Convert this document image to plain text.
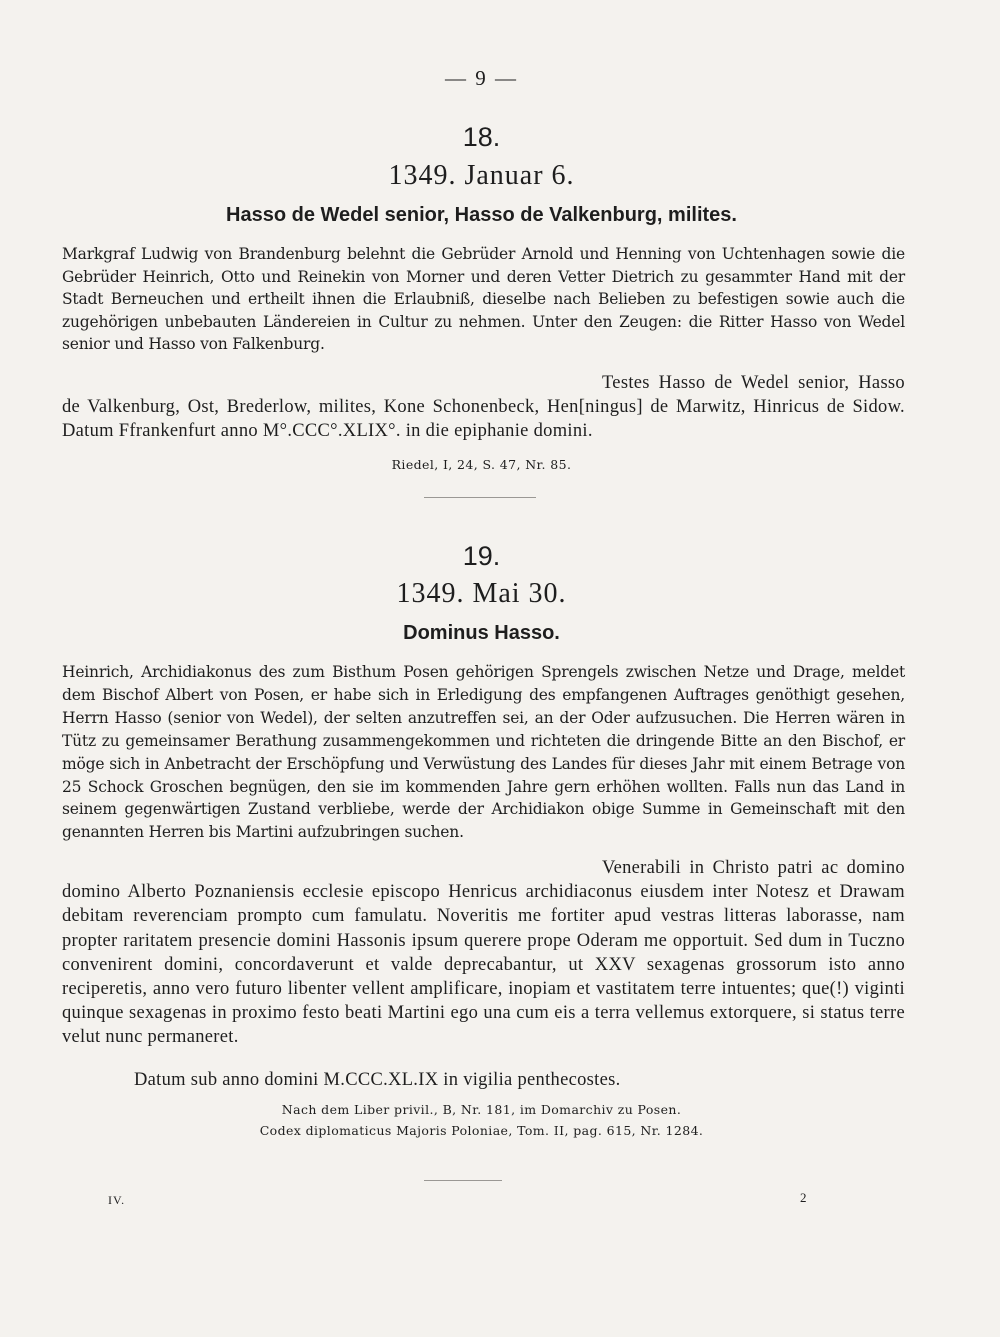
— 9 —
18.
1349. Januar 6.
Hasso de Wedel senior, Hasso de Valkenburg, milites.
Markgraf Ludwig von Brandenburg belehnt die Gebrüder Arnold und Henning von Uchtenhagen sowie die Gebrüder Heinrich, Otto und Reinekin von Morner und deren Vetter Dietrich zu gesammter Hand mit der Stadt Berneuchen und ertheilt ihnen die Erlaubniß, dieselbe nach Belieben zu befestigen sowie auch die zugehörigen unbebauten Ländereien in Cultur zu nehmen. Unter den Zeugen: die Ritter Hasso von Wedel senior und Hasso von Falkenburg.
Testes Hasso de Wedel senior, Hasso de Valkenburg, Ost, Brederlow, milites, Kone Schonenbeck, Hen[ningus] de Marwitz, Hinricus de Sidow. Datum Ffrankenfurt anno M°.CCC°.XLIX°. in die epiphanie domini.
Riedel, I, 24, S. 47, Nr. 85.
19.
1349. Mai 30.
Dominus Hasso.
Heinrich, Archidiakonus des zum Bisthum Posen gehörigen Sprengels zwischen Netze und Drage, meldet dem Bischof Albert von Posen, er habe sich in Erledigung des empfangenen Auftrages genöthigt gesehen, Herrn Hasso (senior von Wedel), der selten anzutreffen sei, an der Oder aufzusuchen. Die Herren wären in Tütz zu gemeinsamer Berathung zusammengekommen und richteten die dringende Bitte an den Bischof, er möge sich in Anbetracht der Erschöpfung und Verwüstung des Landes für dieses Jahr mit einem Betrage von 25 Schock Groschen begnügen, den sie im kommenden Jahre gern erhöhen wollten. Falls nun das Land in seinem gegenwärtigen Zustand verbliebe, werde der Archidiakon obige Summe in Gemeinschaft mit den genannten Herren bis Martini aufzubringen suchen.
Venerabili in Christo patri ac domino domino Alberto Poznaniensis ecclesie episcopo Henricus archidiaconus eiusdem inter Notesz et Drawam debitam reverenciam prompto cum famulatu. Noveritis me fortiter apud vestras litteras laborasse, nam propter raritatem presencie domini Hassonis ipsum querere prope Oderam me opportuit. Sed dum in Tuczno convenirent domini, concordaverunt et valde deprecabantur, ut XXV sexagenas grossorum isto anno reciperetis, anno vero futuro libenter vellent amplificare, inopiam et vastitatem terre intuentes; que(!) viginti quinque sexagenas in proximo festo beati Martini ego una cum eis a terra vellemus extorquere, si status terre velut nunc permaneret.
Datum sub anno domini M.CCC.XL.IX in vigilia penthecostes.
Nach dem Liber privil., B, Nr. 181, im Domarchiv zu Posen.
Codex diplomaticus Majoris Poloniae, Tom. II, pag. 615, Nr. 1284.
IV.	2
